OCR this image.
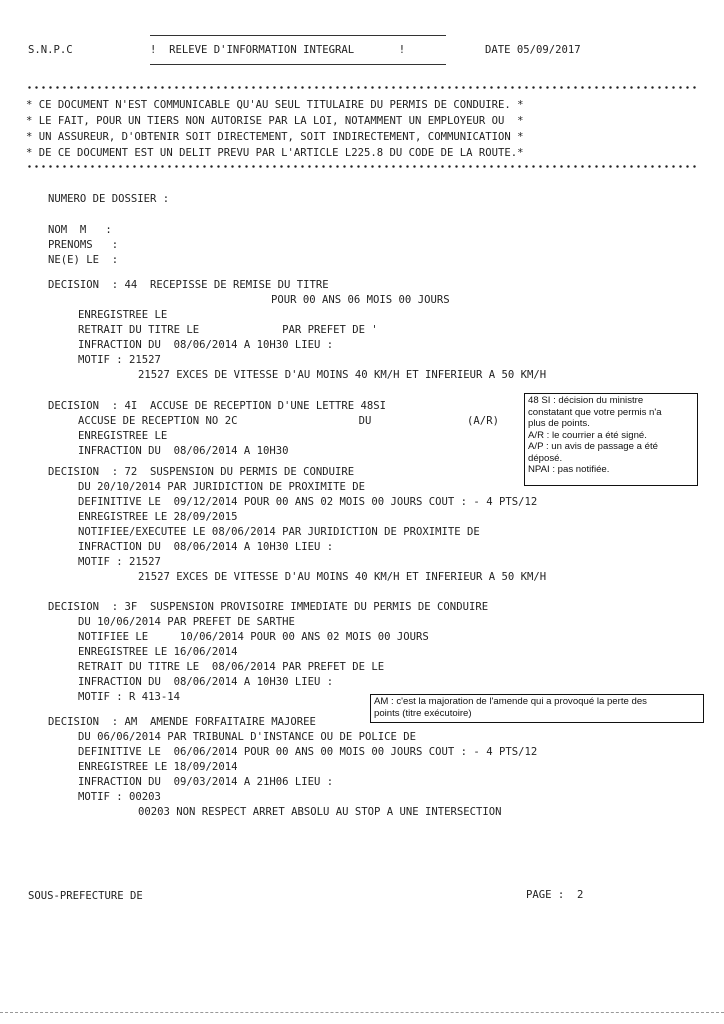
S.N.P.C

	!  RELEVE D'INFORMATION INTEGRAL       !

	DATE 05/09/2017

* CE DOCUMENT N'EST COMMUNICABLE QU'AU SEUL TITULAIRE DU PERMIS DE CONDUIRE. *

* LE FAIT, POUR UN TIERS NON AUTORISE PAR LA LOI, NOTAMMENT UN EMPLOYEUR OU  *

* UN ASSUREUR, D'OBTENIR SOIT DIRECTEMENT, SOIT INDIRECTEMENT, COMMUNICATION *

* DE CE DOCUMENT EST UN DELIT PREVU PAR L'ARTICLE L225.8 DU CODE DE LA ROUTE.*

NUMERO DE DOSSIER :

NOM  M   :

PRENOMS   :

NE(E) LE  :

DECISION  : 44  RECEPISSE DE REMISE DU TITRE

POUR 00 ANS 06 MOIS 00 JOURS

ENREGISTREE LE

RETRAIT DU TITRE LE             PAR PREFET DE '

INFRACTION DU  08/06/2014 A 10H30 LIEU :

MOTIF : 21527

21527 EXCES DE VITESSE D'AU MOINS 40 KM/H ET INFERIEUR A 50 KM/H

DECISION  : 4I  ACCUSE DE RECEPTION D'UNE LETTRE 48SI

ACCUSE DE RECEPTION NO 2C                   DU               (A/R)

ENREGISTREE LE

INFRACTION DU  08/06/2014 A 10H30

48 SI : décision du ministre
constatant que votre permis n'a
plus de points.
A/R : le courrier a été signé.
A/P : un avis de passage a été
déposé.
NPAI : pas notifiée.

DECISION  : 72  SUSPENSION DU PERMIS DE CONDUIRE

DU 20/10/2014 PAR JURIDICTION DE PROXIMITE DE

DEFINITIVE LE  09/12/2014 POUR 00 ANS 02 MOIS 00 JOURS COUT : - 4 PTS/12

ENREGISTREE LE 28/09/2015

NOTIFIEE/EXECUTEE LE 08/06/2014 PAR JURIDICTION DE PROXIMITE DE

INFRACTION DU  08/06/2014 A 10H30 LIEU :

MOTIF : 21527

21527 EXCES DE VITESSE D'AU MOINS 40 KM/H ET INFERIEUR A 50 KM/H

DECISION  : 3F  SUSPENSION PROVISOIRE IMMEDIATE DU PERMIS DE CONDUIRE

DU 10/06/2014 PAR PREFET DE SARTHE

NOTIFIEE LE     10/06/2014 POUR 00 ANS 02 MOIS 00 JOURS

ENREGISTREE LE 16/06/2014

RETRAIT DU TITRE LE  08/06/2014 PAR PREFET DE LE

INFRACTION DU  08/06/2014 A 10H30 LIEU :

MOTIF : R 413-14

	AM : c'est la majoration de l'amende qui a provoqué la perte des
points (titre exécutoire)

DECISION  : AM  AMENDE FORFAITAIRE MAJOREE

DU 06/06/2014 PAR TRIBUNAL D'INSTANCE OU DE POLICE DE

DEFINITIVE LE  06/06/2014 POUR 00 ANS 00 MOIS 00 JOURS COUT : - 4 PTS/12

ENREGISTREE LE 18/09/2014

INFRACTION DU  09/03/2014 A 21H06 LIEU :

MOTIF : 00203

00203 NON RESPECT ARRET ABSOLU AU STOP A UNE INTERSECTION

SOUS-PREFECTURE DE

	PAGE :  2
